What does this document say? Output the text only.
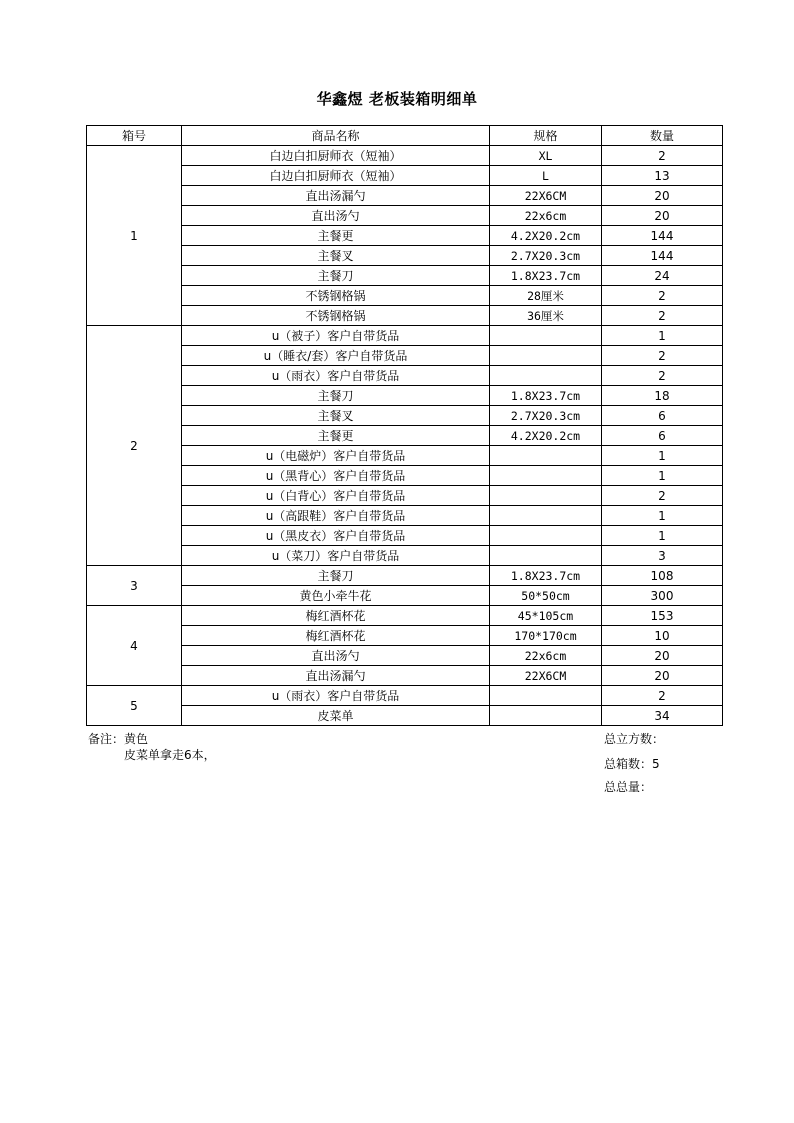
华鑫煜 老板装箱明细单
箱号	商品名称	规格	数量
1	白边白扣厨师衣（短袖）	XL	2
	白边白扣厨师衣（短袖）	L	13
	直出汤漏勺	22X6CM	20
	直出汤勺	22x6cm	20
	主餐更	4.2X20.2cm	144
	主餐叉	2.7X20.3cm	144
	主餐刀	1.8X23.7cm	24
	不锈钢格锅	28厘米	2
	不锈钢格锅	36厘米	2
2	u（被子）客户自带货品		1
	u（睡衣/套）客户自带货品		2
	u（雨衣）客户自带货品		2
	主餐刀	1.8X23.7cm	18
	主餐叉	2.7X20.3cm	6
	主餐更	4.2X20.2cm	6
	u（电磁炉）客户自带货品		1
	u（黑背心）客户自带货品		1
	u（白背心）客户自带货品		2
	u（高跟鞋）客户自带货品		1
	u（黑皮衣）客户自带货品		1
	u（菜刀）客户自带货品		3
3	主餐刀	1.8X23.7cm	108
	黄色小牵牛花	50*50cm	300
4	梅红酒杯花	45*105cm	153
	梅红酒杯花	170*170cm	10
	直出汤勺	22x6cm	20
	直出汤漏勺	22X6CM	20
5	u（雨衣）客户自带货品		2
	皮菜单		34
备注：黄色
皮菜单拿走6本，
总立方数：
总箱数：5
总总量：
